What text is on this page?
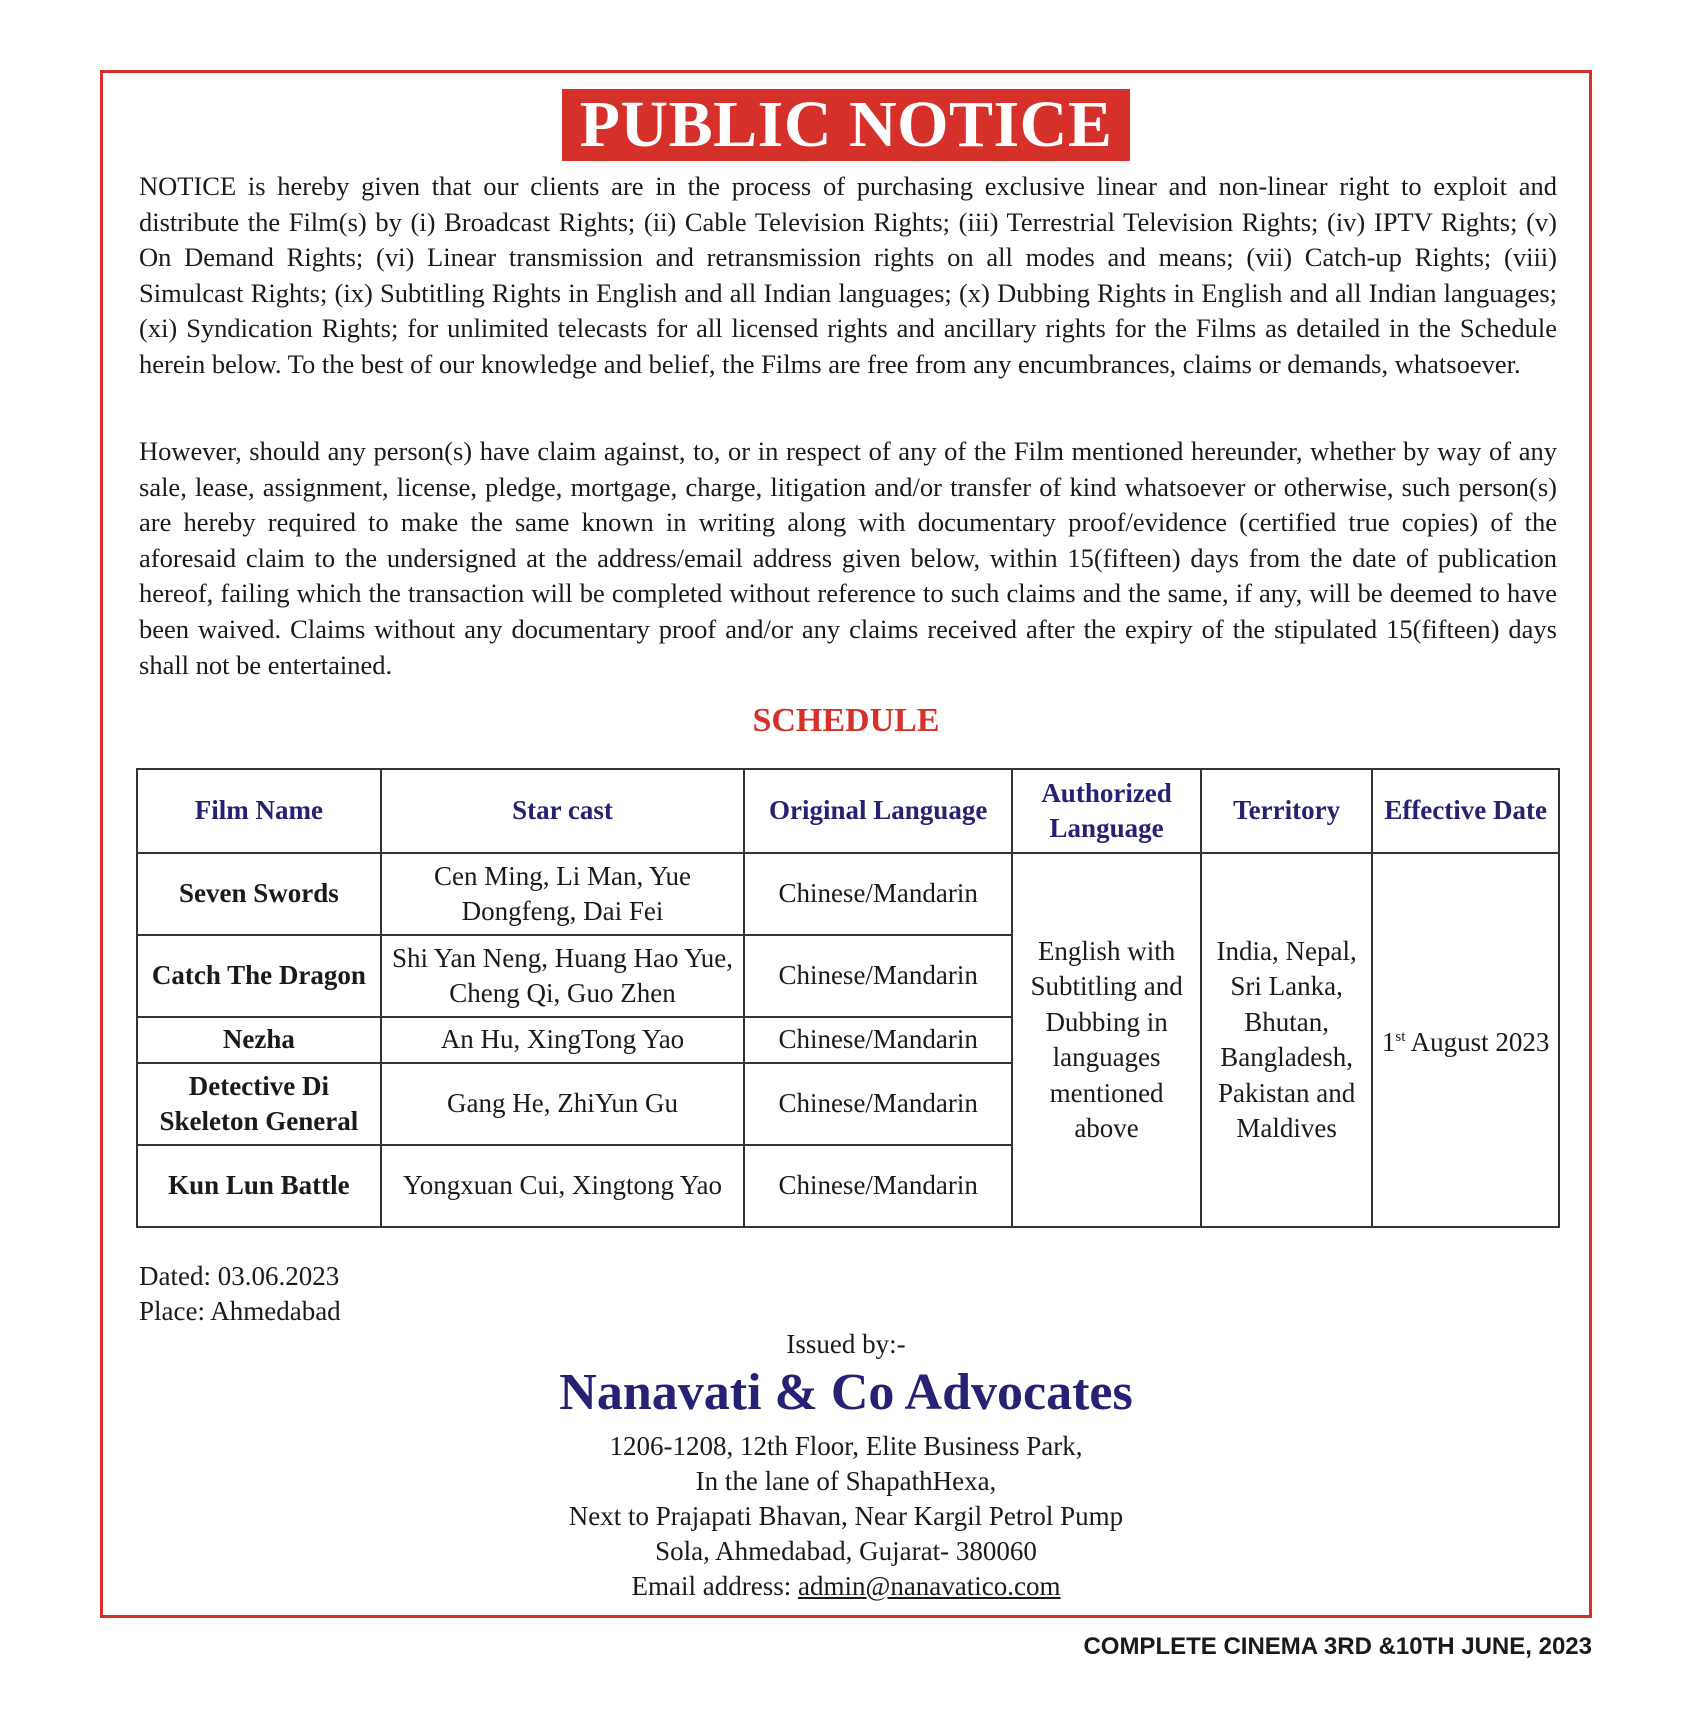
PUBLIC NOTICE

NOTICE is hereby given that our clients are in the process of purchasing exclusive linear and non-linear right to exploit and distribute the Film(s) by (i) Broadcast Rights; (ii) Cable Television Rights; (iii) Terrestrial Television Rights; (iv) IPTV Rights; (v) On Demand Rights; (vi) Linear transmission and retransmission rights on all modes and means; (vii) Catch-up Rights; (viii) Simulcast Rights; (ix) Subtitling Rights in English and all Indian languages; (x) Dubbing Rights in English and all Indian languages; (xi) Syndication Rights; for unlimited telecasts for all licensed rights and ancillary rights for the Films as detailed in the Schedule herein below. To the best of our knowledge and belief, the Films are free from any encumbrances, claims or demands, whatsoever.

However, should any person(s) have claim against, to, or in respect of any of the Film mentioned hereunder, whether by way of any sale, lease, assignment, license, pledge, mortgage, charge, litigation and/or transfer of kind whatsoever or otherwise, such person(s) are hereby required to make the same known in writing along with documentary proof/evidence (certified true copies) of the aforesaid claim to the undersigned at the address/email address given below, within 15(fifteen) days from the date of publication hereof, failing which the transaction will be completed without reference to such claims and the same, if any, will be deemed to have been waived. Claims without any documentary proof and/or any claims received after the expiry of the stipulated 15(fifteen) days shall not be entertained.

SCHEDULE
Film Name	Star cast	Original Language	Authorized Language	Territory	Effective Date
Seven Swords	Cen Ming, Li Man, Yue Dongfeng, Dai Fei	Chinese/Mandarin	English with Subtitling and Dubbing in languages mentioned above	India, Nepal, Sri Lanka, Bhutan, Bangladesh, Pakistan and Maldives	1st August 2023
Catch The Dragon	Shi Yan Neng, Huang Hao Yue, Cheng Qi, Guo Zhen	Chinese/Mandarin			
Nezha	An Hu, XingTong Yao	Chinese/Mandarin			
Detective Di Skeleton General	Gang He, ZhiYun Gu	Chinese/Mandarin			
Kun Lun Battle	Yongxuan Cui, Xingtong Yao	Chinese/Mandarin			
Dated: 03.06.2023
Place: Ahmedabad
Issued by:-
Nanavati & Co Advocates
1206-1208, 12th Floor, Elite Business Park,
In the lane of ShapathHexa,
Next to Prajapati Bhavan, Near Kargil Petrol Pump
Sola, Ahmedabad, Gujarat- 380060
Email address: admin@nanavatico.com
COMPLETE CINEMA 3RD &10TH JUNE, 2023
